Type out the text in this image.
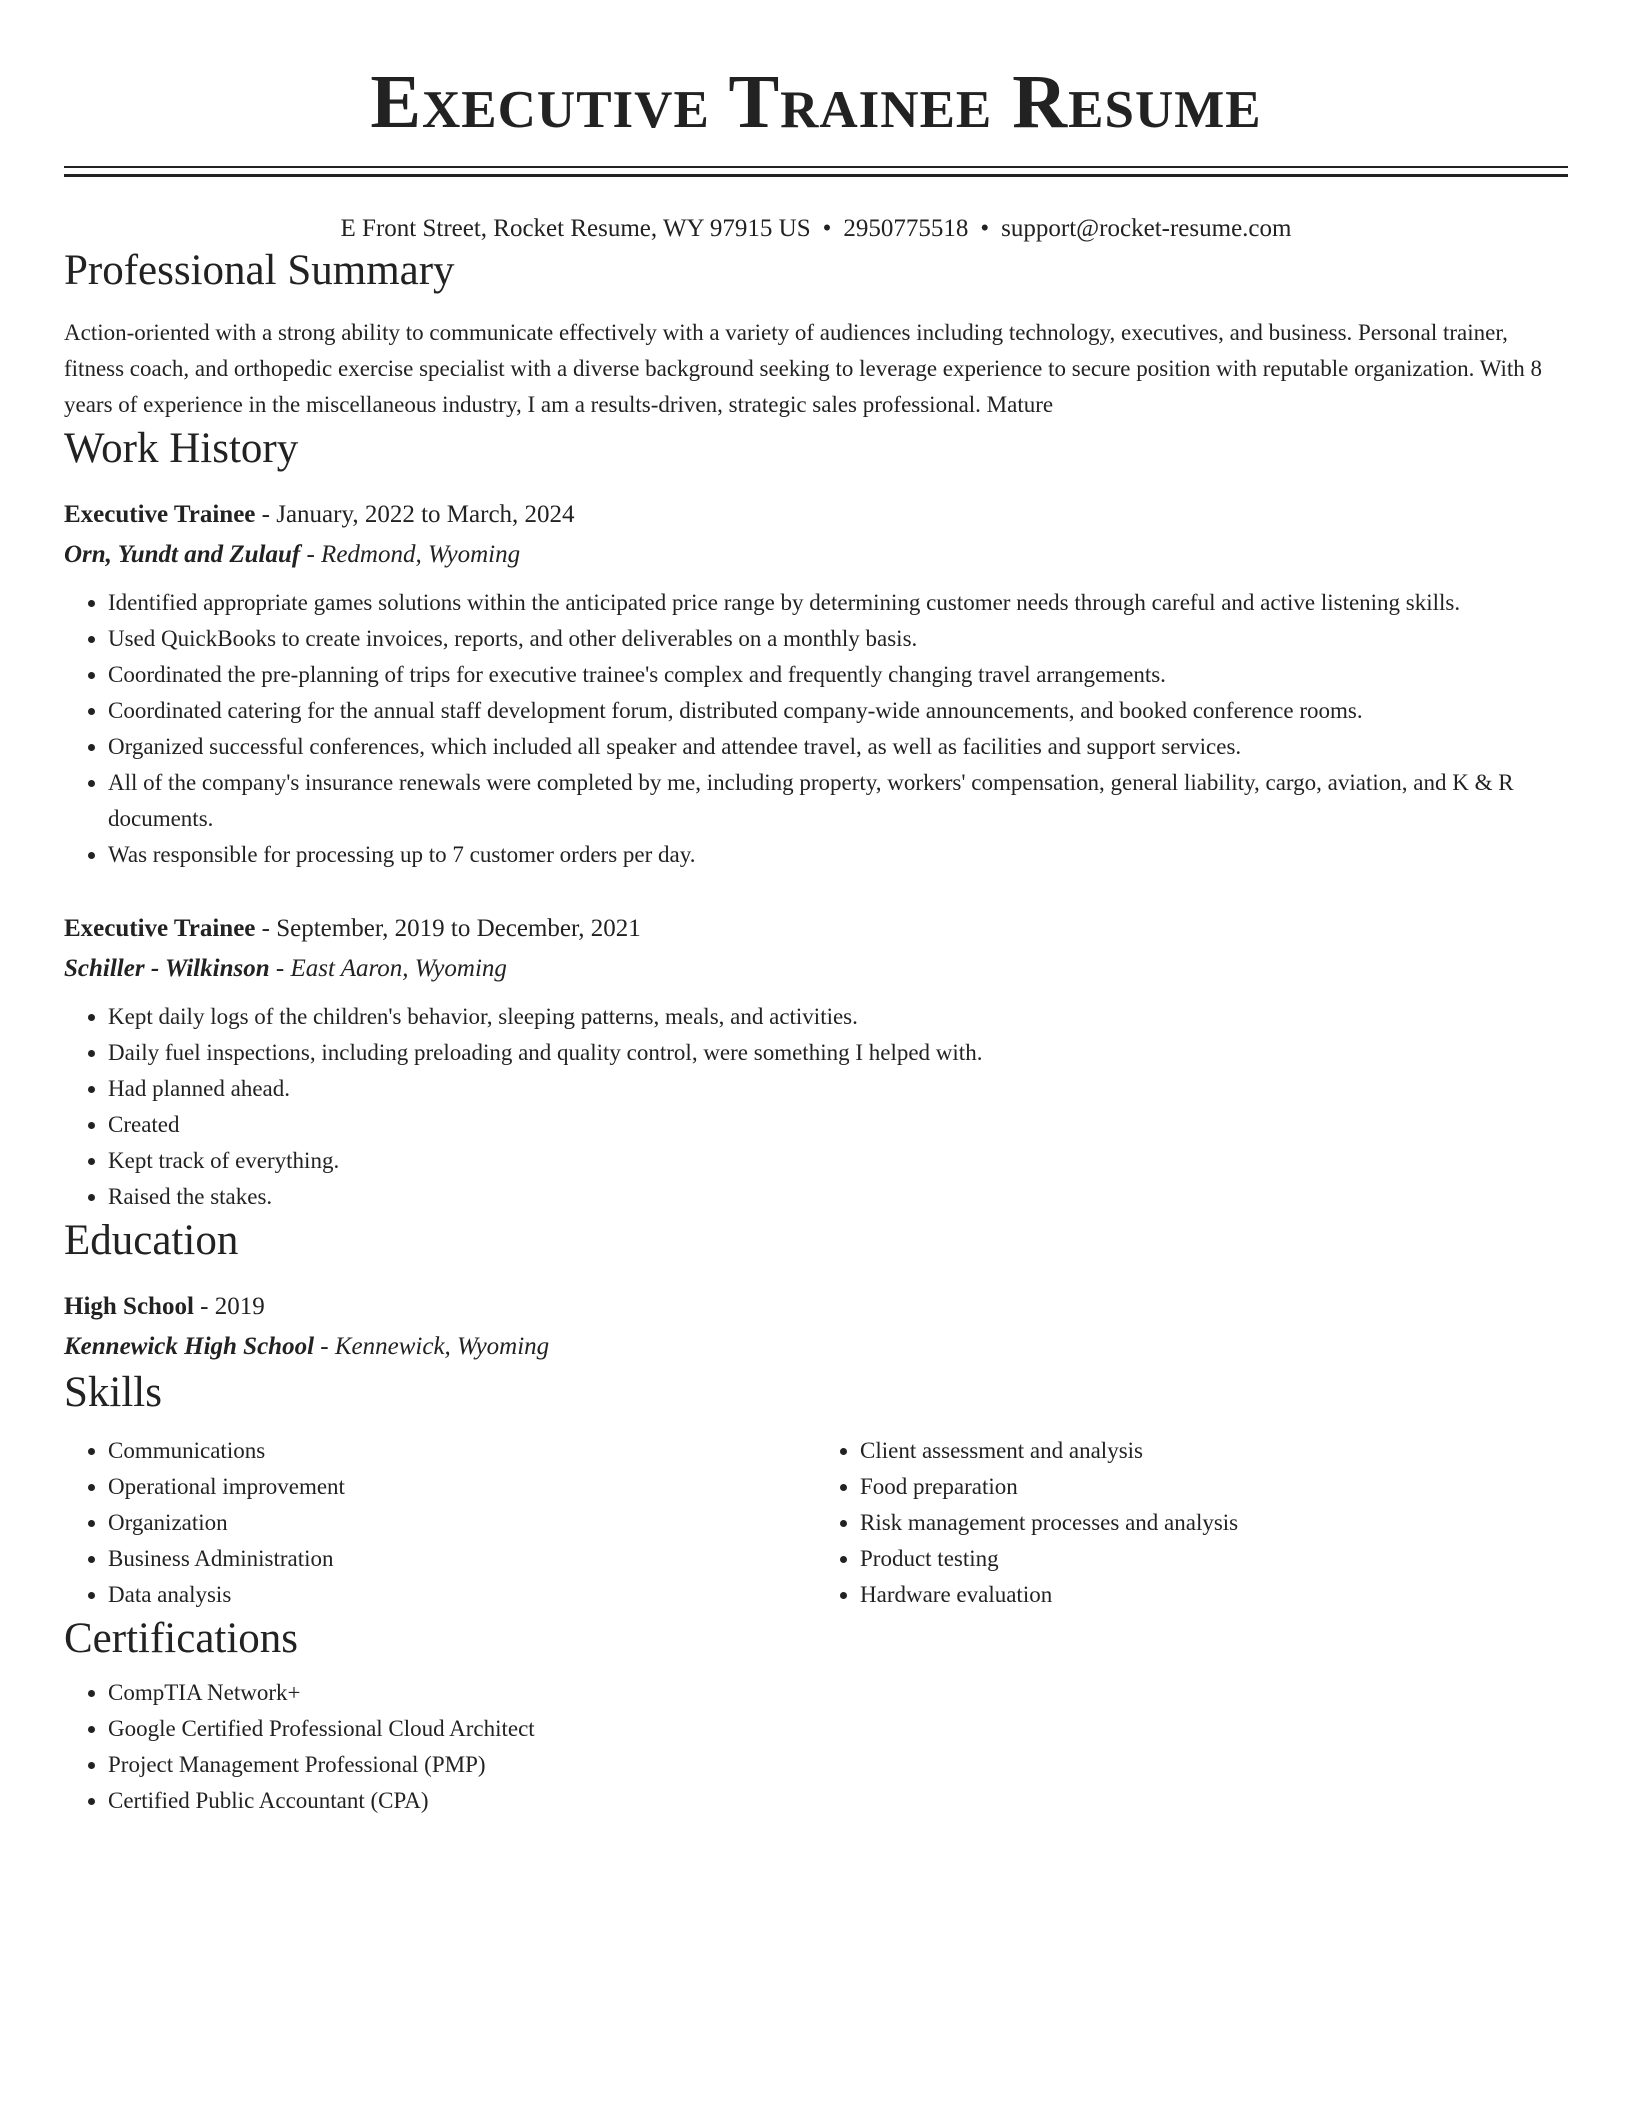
Executive Trainee Resume
E Front Street, Rocket Resume, WY 97915 US • 2950775518 • support@rocket-resume.com
Professional Summary
Action-oriented with a strong ability to communicate effectively with a variety of audiences including technology, executives, and business. Personal trainer, fitness coach, and orthopedic exercise specialist with a diverse background seeking to leverage experience to secure position with reputable organization. With 8 years of experience in the miscellaneous industry, I am a results-driven, strategic sales professional. Mature
Work History
Executive Trainee - January, 2022 to March, 2024
Orn, Yundt and Zulauf - Redmond, Wyoming
• Identified appropriate games solutions within the anticipated price range by determining customer needs through careful and active listening skills.
• Used QuickBooks to create invoices, reports, and other deliverables on a monthly basis.
• Coordinated the pre-planning of trips for executive trainee's complex and frequently changing travel arrangements.
• Coordinated catering for the annual staff development forum, distributed company-wide announcements, and booked conference rooms.
• Organized successful conferences, which included all speaker and attendee travel, as well as facilities and support services.
• All of the company's insurance renewals were completed by me, including property, workers' compensation, general liability, cargo, aviation, and K & R documents.
• Was responsible for processing up to 7 customer orders per day.
Executive Trainee - September, 2019 to December, 2021
Schiller - Wilkinson - East Aaron, Wyoming
• Kept daily logs of the children's behavior, sleeping patterns, meals, and activities.
• Daily fuel inspections, including preloading and quality control, were something I helped with.
• Had planned ahead.
• Created
• Kept track of everything.
• Raised the stakes.
Education
High School - 2019
Kennewick High School - Kennewick, Wyoming
Skills
• Communications
• Operational improvement
• Organization
• Business Administration
• Data analysis
• Client assessment and analysis
• Food preparation
• Risk management processes and analysis
• Product testing
• Hardware evaluation
Certifications
• CompTIA Network+
• Google Certified Professional Cloud Architect
• Project Management Professional (PMP)
• Certified Public Accountant (CPA)
